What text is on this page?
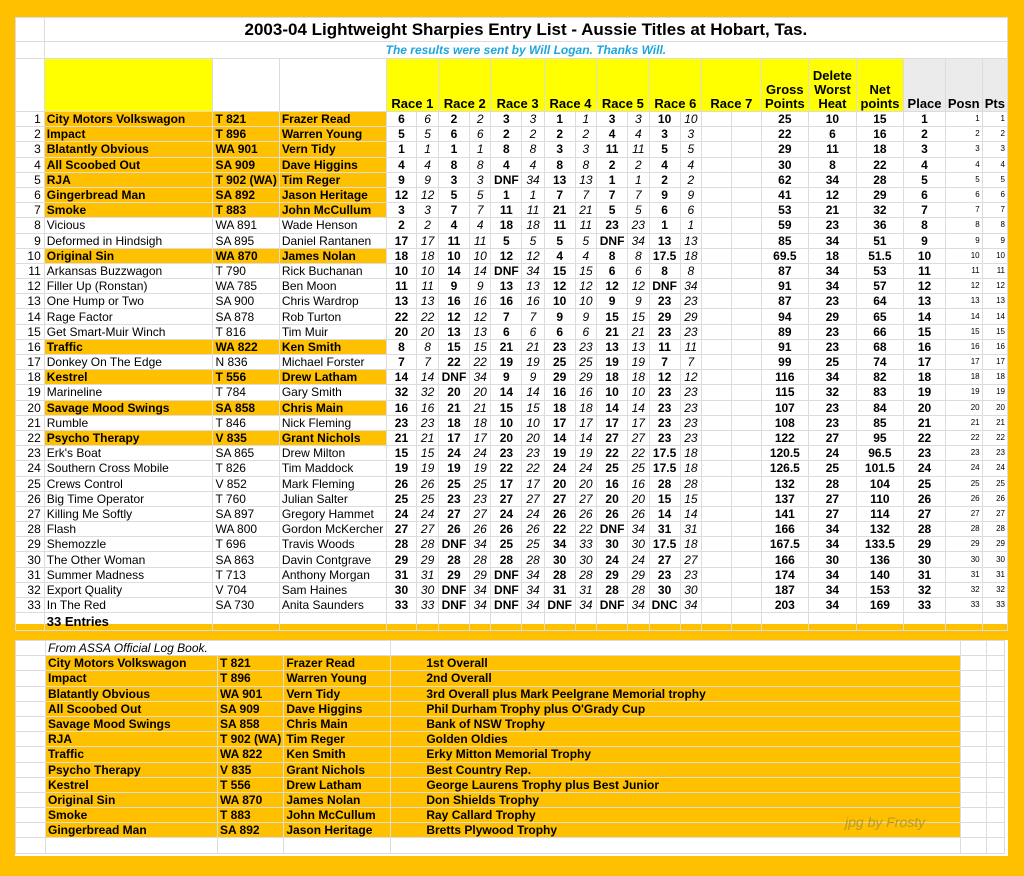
	2003-04 Lightweight Sharpies Entry List - Aussie Titles at Hobart, Tas.																						
	The results were sent by Will Logan. Thanks Will.																						
				Race 1		Race 2		Race 3		Race 4		Race 5		Race 6		Race 7		Gross
Points	Delete
Worst
Heat	Net
points	Place	Posn	Pts
1	City Motors Volkswagon	T 821	Frazer Read	6	6	2	2	3	3	1	1	3	3	10	10			25	10	15	1	1	1
2	Impact	T 896	Warren Young	5	5	6	6	2	2	2	2	4	4	3	3			22	6	16	2	2	2
3	Blatantly Obvious	WA 901	Vern Tidy	1	1	1	1	8	8	3	3	11	11	5	5			29	11	18	3	3	3
4	All Scoobed Out	SA 909	Dave Higgins	4	4	8	8	4	4	8	8	2	2	4	4			30	8	22	4	4	4
5	RJA	T 902 (WA)	Tim Reger	9	9	3	3	DNF	34	13	13	1	1	2	2			62	34	28	5	5	5
6	Gingerbread Man	SA 892	Jason Heritage	12	12	5	5	1	1	7	7	7	7	9	9			41	12	29	6	6	6
7	Smoke	T 883	John McCullum	3	3	7	7	11	11	21	21	5	5	6	6			53	21	32	7	7	7
8	Vicious	WA 891	Wade Henson	2	2	4	4	18	18	11	11	23	23	1	1			59	23	36	8	8	8
9	Deformed in Hindsigh	SA 895	Daniel Rantanen	17	17	11	11	5	5	5	5	DNF	34	13	13			85	34	51	9	9	9
10	Original Sin	WA 870	James Nolan	18	18	10	10	12	12	4	4	8	8	17.5	18			69.5	18	51.5	10	10	10
11	Arkansas Buzzwagon	T 790	Rick Buchanan	10	10	14	14	DNF	34	15	15	6	6	8	8			87	34	53	11	11	11
12	Filler Up (Ronstan)	WA 785	Ben Moon	11	11	9	9	13	13	12	12	12	12	DNF	34			91	34	57	12	12	12
13	One Hump or Two	SA 900	Chris Wardrop	13	13	16	16	16	16	10	10	9	9	23	23			87	23	64	13	13	13
14	Rage Factor	SA 878	Rob Turton	22	22	12	12	7	7	9	9	15	15	29	29			94	29	65	14	14	14
15	Get Smart-Muir Winch	T 816	Tim Muir	20	20	13	13	6	6	6	6	21	21	23	23			89	23	66	15	15	15
16	Traffic	WA 822	Ken Smith	8	8	15	15	21	21	23	23	13	13	11	11			91	23	68	16	16	16
17	Donkey On The Edge	N 836	Michael Forster	7	7	22	22	19	19	25	25	19	19	7	7			99	25	74	17	17	17
18	Kestrel	T 556	Drew Latham	14	14	DNF	34	9	9	29	29	18	18	12	12			116	34	82	18	18	18
19	Marineline	T 784	Gary Smith	32	32	20	20	14	14	16	16	10	10	23	23			115	32	83	19	19	19
20	Savage Mood Swings	SA 858	Chris Main	16	16	21	21	15	15	18	18	14	14	23	23			107	23	84	20	20	20
21	Rumble	T 846	Nick Fleming	23	23	18	18	10	10	17	17	17	17	23	23			108	23	85	21	21	21
22	Psycho Therapy	V 835	Grant Nichols	21	21	17	17	20	20	14	14	27	27	23	23			122	27	95	22	22	22
23	Erk's Boat	SA 865	Drew Milton	15	15	24	24	23	23	19	19	22	22	17.5	18			120.5	24	96.5	23	23	23
24	Southern Cross Mobile	T 826	Tim Maddock	19	19	19	19	22	22	24	24	25	25	17.5	18			126.5	25	101.5	24	24	24
25	Crews Control	V 852	Mark Fleming	26	26	25	25	17	17	20	20	16	16	28	28			132	28	104	25	25	25
26	Big Time Operator	T 760	Julian Salter	25	25	23	23	27	27	27	27	20	20	15	15			137	27	110	26	26	26
27	Killing Me Softly	SA 897	Gregory Hammet	24	24	27	27	24	24	26	26	26	26	14	14			141	27	114	27	27	27
28	Flash	WA 800	Gordon McKercher	27	27	26	26	26	26	22	22	DNF	34	31	31			166	34	132	28	28	28
29	Shemozzle	T 696	Travis Woods	28	28	DNF	34	25	25	34	33	30	30	17.5	18			167.5	34	133.5	29	29	29
30	The Other Woman	SA 863	Davin Contgrave	29	29	28	28	28	28	30	30	24	24	27	27			166	30	136	30	30	30
31	Summer Madness	T 713	Anthony Morgan	31	31	29	29	DNF	34	28	28	29	29	23	23			174	34	140	31	31	31
32	Export Quality	V 704	Sam Haines	30	30	DNF	34	DNF	34	31	31	28	28	30	30			187	34	153	32	32	32
33	In The Red	SA 730	Anita Saunders	33	33	DNF	34	DNF	34	DNF	34	DNF	34	DNC	34			203	34	169	33	33	33
	33 Entries																						
	From ASSA Official Log Book.					
	City Motors Volkswagon	T 821	Frazer Read	1st Overall		
	Impact	T 896	Warren Young	2nd Overall		
	Blatantly Obvious	WA 901	Vern Tidy	3rd Overall plus Mark Peelgrane Memorial trophy		
	All Scoobed Out	SA 909	Dave Higgins	Phil Durham Trophy plus O'Grady Cup		
	Savage Mood Swings	SA 858	Chris Main	Bank of NSW Trophy		
	RJA	T 902 (WA)	Tim Reger	Golden Oldies		
	Traffic	WA 822	Ken Smith	Erky Mitton Memorial Trophy		
	Psycho Therapy	V 835	Grant Nichols	Best Country Rep.		
	Kestrel	T 556	Drew Latham	George Laurens Trophy plus Best Junior		
	Original Sin	WA 870	James Nolan	Don Shields Trophy		
	Smoke	T 883	John McCullum	Ray Callard Trophy		
	Gingerbread Man	SA 892	Jason Heritage	Bretts Plywood Trophy		

jpg by Frosty
